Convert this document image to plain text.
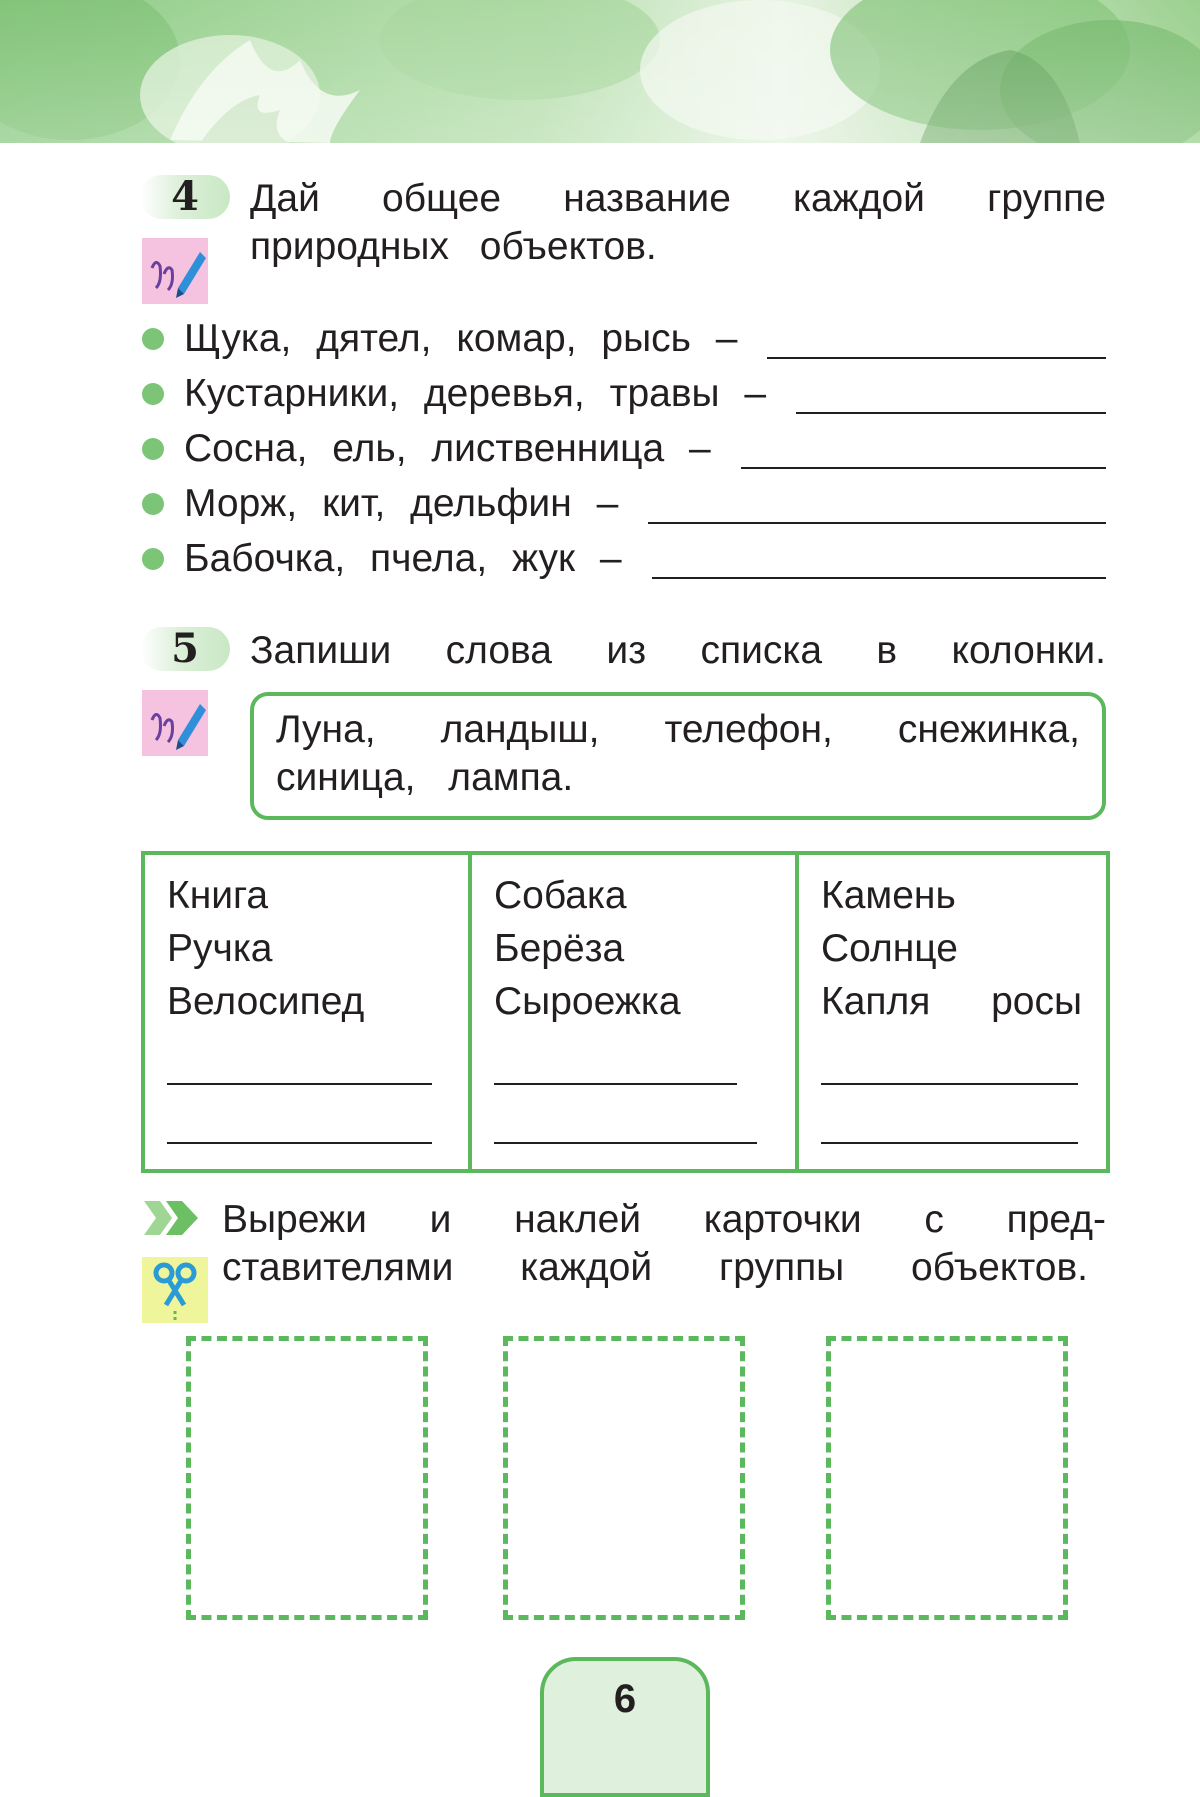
4	Дай общее название каждой группе
природных объектов.
Щука, дятел, комар, рысь –
Кустарники, деревья, травы –
Сосна, ель, лиственница –
Морж, кит, дельфин –
Бабочка, пчела, жук –
5	Запиши слова из списка в колонки.
Луна, ландыш, телефон, снежинка,
синица, лампа.
Книга
Ручка
Велосипед
Собака
Берёза
Сыроежка
Камень
Солнце
Капля росы
Вырежи и наклей карточки с пред-
ставителями каждой группы объектов.
6
